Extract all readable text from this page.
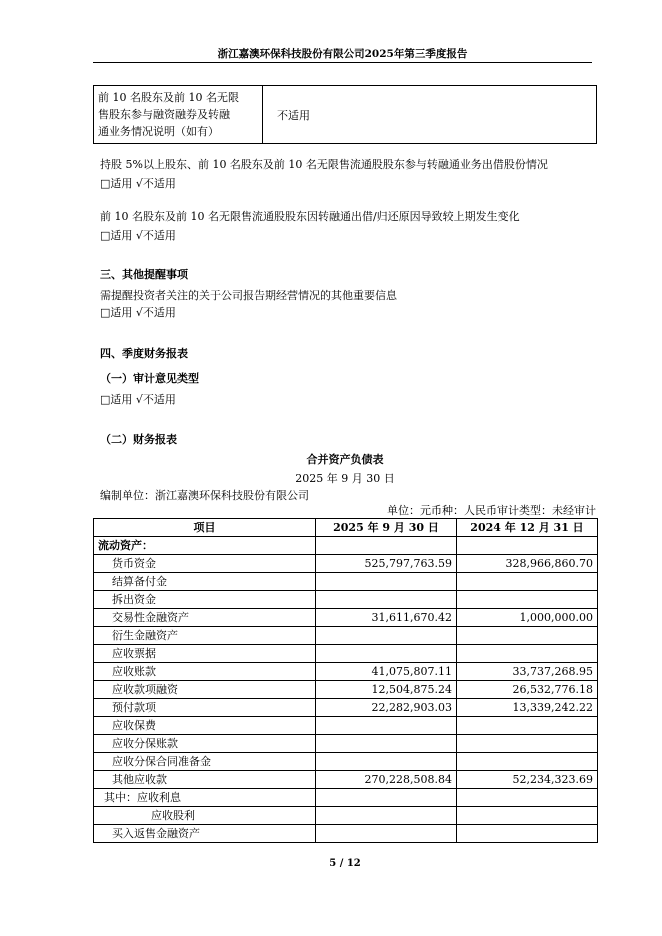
浙江嘉澳环保科技股份有限公司2025年第三季度报告
前 10 名股东及前 10 名无限
售股东参与融资融券及转融
通业务情况说明（如有）
	不适用
持股 5%以上股东、前 10 名股东及前 10 名无限售流通股股东参与转融通业务出借股份情况
□适用 √不适用
前 10 名股东及前 10 名无限售流通股股东因转融通出借/归还原因导致较上期发生变化
□适用 √不适用
三、其他提醒事项
需提醒投资者关注的关于公司报告期经营情况的其他重要信息
□适用 √不适用
四、季度财务报表
（一）审计意见类型
□适用 √不适用
（二）财务报表
合并资产负债表
2025 年 9 月 30 日
编制单位：浙江嘉澳环保科技股份有限公司
单位：元币种：人民币审计类型：未经审计
项目	2025 年 9 月 30 日	2024 年 12 月 31 日
流动资产：		
货币资金	525,797,763.59	328,966,860.70
结算备付金		
拆出资金		
交易性金融资产	31,611,670.42	1,000,000.00
衍生金融资产		
应收票据		
应收账款	41,075,807.11	33,737,268.95
应收款项融资	12,504,875.24	26,532,776.18
预付款项	22,282,903.03	13,339,242.22
应收保费		
应收分保账款		
应收分保合同准备金		
其他应收款	270,228,508.84	52,234,323.69
其中：应收利息		
应收股利		
买入返售金融资产		
5 / 12
